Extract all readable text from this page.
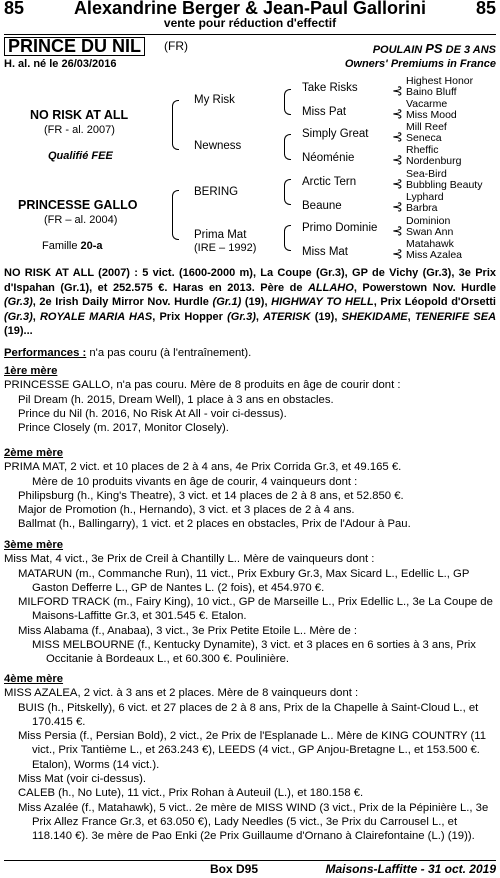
85	Alexandrine Berger & Jean-Paul Gallorini	85
vente pour réduction d'effectif
PRINCE DU NIL	(FR)	POULAIN PS DE 3 ANS
H. al. né le 26/03/2016	Owners' Premiums in France
NO RISK AT ALL
(FR - al. 2007)
Qualifié FEE
PRINCESSE GALLO
(FR – al. 2004)
Famille 20-a
My Risk
Newness
BERING
Prima Mat
(IRE – 1992)
Take Risks
Miss Pat
Simply Great
Néoménie
Arctic Tern
Beaune
Primo Dominie
Miss Mat
⊰
⊰
⊰
⊰
⊰
⊰
⊰
⊰
Highest Honor
Baino Bluff
Vacarme
Miss Mood
Mill Reef
Seneca
Rheffic
Nordenburg
Sea-Bird
Bubbling Beauty
Lyphard
Barbra
Dominion
Swan Ann
Matahawk
Miss Azalea
NO RISK AT ALL (2007) : 5 vict. (1600-2000 m), La Coupe (Gr.3), GP de Vichy (Gr.3), 3e Prix d'Ispahan (Gr.1), et 252.575 €. Haras en 2013. Père de ALLAHO, Powerstown Nov. Hurdle (Gr.3), 2e Irish Daily Mirror Nov. Hurdle (Gr.1) (19), HIGHWAY TO HELL, Prix Léopold d'Orsetti (Gr.3), ROYALE MARIA HAS, Prix Hopper (Gr.3), ATERISK (19), SHEKIDAME, TENERIFE SEA (19)...
Performances : n'a pas couru (à l'entraînement).

1ère mère

PRINCESSE GALLO, n'a pas couru. Mère de 8 produits en âge de courir dont :

Pil Dream (h. 2015, Dream Well), 1 place à 3 ans en obstacles.

Prince du Nil (h. 2016, No Risk At All - voir ci-dessus).

Prince Closely (m. 2017, Monitor Closely).

2ème mère

PRIMA MAT, 2 vict. et 10 places de 2 à 4 ans, 4e Prix Corrida Gr.3, et 49.165 €.

Mère de 10 produits vivants en âge de courir, 4 vainqueurs dont :

Philipsburg (h., King's Theatre), 3 vict. et 14 places de 2 à 8 ans, et 52.850 €.

Major de Promotion (h., Hernando), 3 vict. et 3 places de 2 à 4 ans.

Ballmat (h., Ballingarry), 1 vict. et 2 places en obstacles, Prix de l'Adour à Pau.

3ème mère

Miss Mat, 4 vict., 3e Prix de Creil à Chantilly L.. Mère de vainqueurs dont :

MATARUN (m., Commanche Run), 11 vict., Prix Exbury Gr.3, Max Sicard L., Edellic L., GP Gaston Defferre L., GP de Nantes L. (2 fois), et 454.970 €.

MILFORD TRACK (m., Fairy King), 10 vict., GP de Marseille L., Prix Edellic L., 3e La Coupe de Maisons-Laffitte Gr.3, et 301.545 €. Etalon.

Miss Alabama (f., Anabaa), 3 vict., 3e Prix Petite Etoile L.. Mère de :

MISS MELBOURNE (f., Kentucky Dynamite), 3 vict. et 3 places en 6 sorties à 3 ans, Prix Occitanie à Bordeaux L., et 60.300 €. Poulinière.

4ème mère

MISS AZALEA, 2 vict. à 3 ans et 2 places. Mère de 8 vainqueurs dont :

BUIS (h., Pitskelly), 6 vict. et 27 places de 2 à 8 ans, Prix de la Chapelle à Saint-Cloud L., et 170.415 €.

Miss Persia (f., Persian Bold), 2 vict., 2e Prix de l'Esplanade L.. Mère de KING COUNTRY (11 vict., Prix Tantième L., et 263.243 €), LEEDS (4 vict., GP Anjou-Bretagne L., et 153.500 €. Etalon), Worms (14 vict.).

Miss Mat (voir ci-dessus).

CALEB (h., No Lute), 11 vict., Prix Rohan à Auteuil (L.), et 180.158 €.

Miss Azalée (f., Matahawk), 5 vict.. 2e mère de MISS WIND (3 vict., Prix de la Pépinière L., 3e Prix Allez France Gr.3, et 63.050 €), Lady Needles (5 vict., 3e Prix du Carrousel L., et 118.140 €). 3e mère de Pao Enki (2e Prix Guillaume d'Ornano à Clairefontaine (L.) (19)).

Box D95	Maisons-Laffitte - 31 oct. 2019
